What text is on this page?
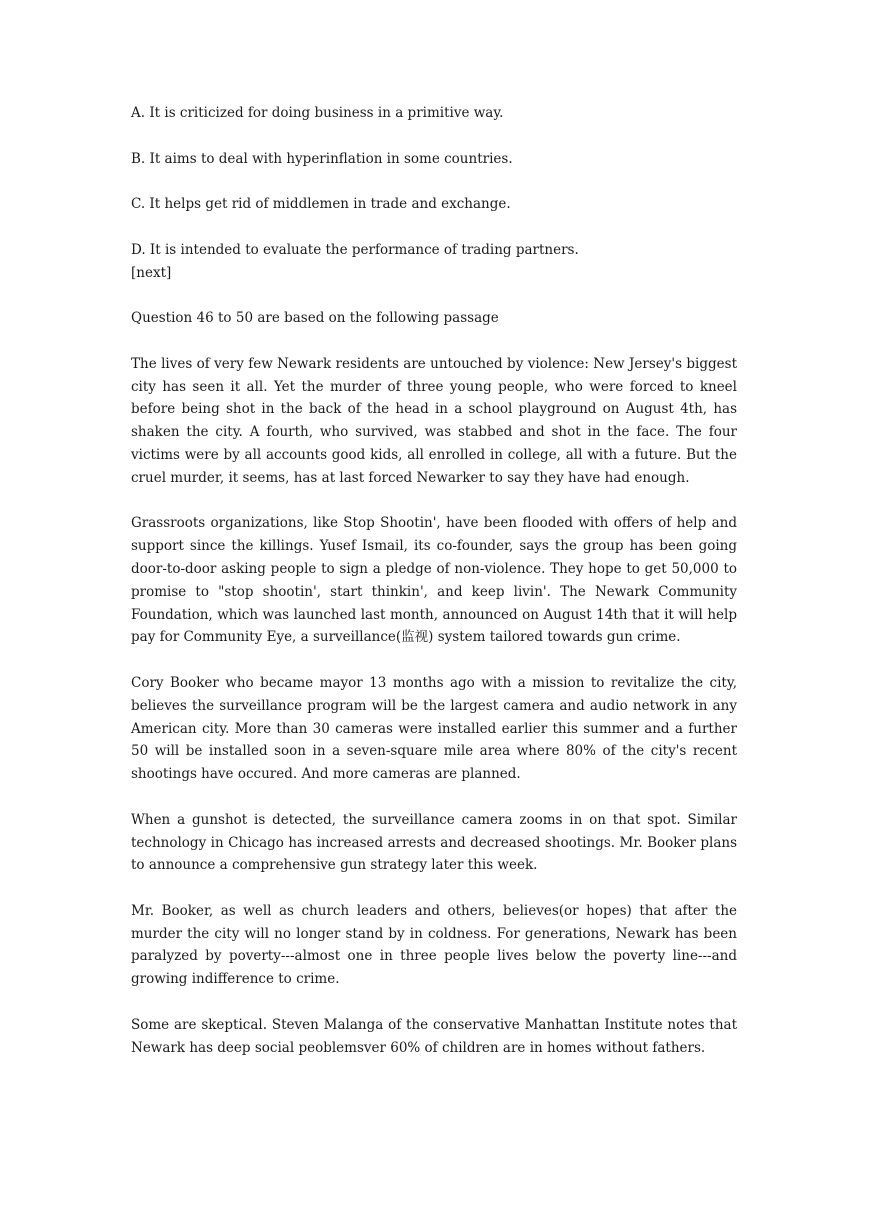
A. It is criticized for doing business in a primitive way.
B. It aims to deal with hyperinflation in some countries.
C. It helps get rid of middlemen in trade and exchange.
D. It is intended to evaluate the performance of trading partners.
[next]
Question 46 to 50 are based on the following passage

The lives of very few Newark residents are untouched by violence: New Jersey's biggest city has seen it all. Yet the murder of three young people, who were forced to kneel before being shot in the back of the head in a school playground on August 4th, has shaken the city. A fourth, who survived, was stabbed and shot in the face. The four victims were by all accounts good kids, all enrolled in college, all with a future. But the cruel murder, it seems, has at last forced Newarker to say they have had enough.

Grassroots organizations, like Stop Shootin', have been flooded with offers of help and support since the killings. Yusef Ismail, its co-founder, says the group has been going door-to-door asking people to sign a pledge of non-violence. They hope to get 50,000 to promise to "stop shootin', start thinkin', and keep livin'. The Newark Community Foundation, which was launched last month, announced on August 14th that it will help pay for Community Eye, a surveillance(监视) system tailored towards gun crime.

Cory Booker who became mayor 13 months ago with a mission to revitalize the city, believes the surveillance program will be the largest camera and audio network in any American city. More than 30 cameras were installed earlier this summer and a further 50 will be installed soon in a seven-square mile area where 80% of the city's recent shootings have occured. And more cameras are planned.

When a gunshot is detected, the surveillance camera zooms in on that spot. Similar technology in Chicago has increased arrests and decreased shootings. Mr. Booker plans to announce a comprehensive gun strategy later this week.

Mr. Booker, as well as church leaders and others, believes(or hopes) that after the murder the city will no longer stand by in coldness. For generations, Newark has been paralyzed by poverty---almost one in three people lives below the poverty line---and growing indifference to crime.

Some are skeptical. Steven Malanga of the conservative Manhattan Institute notes that Newark has deep social peoblemsver 60% of children are in homes without fathers.
